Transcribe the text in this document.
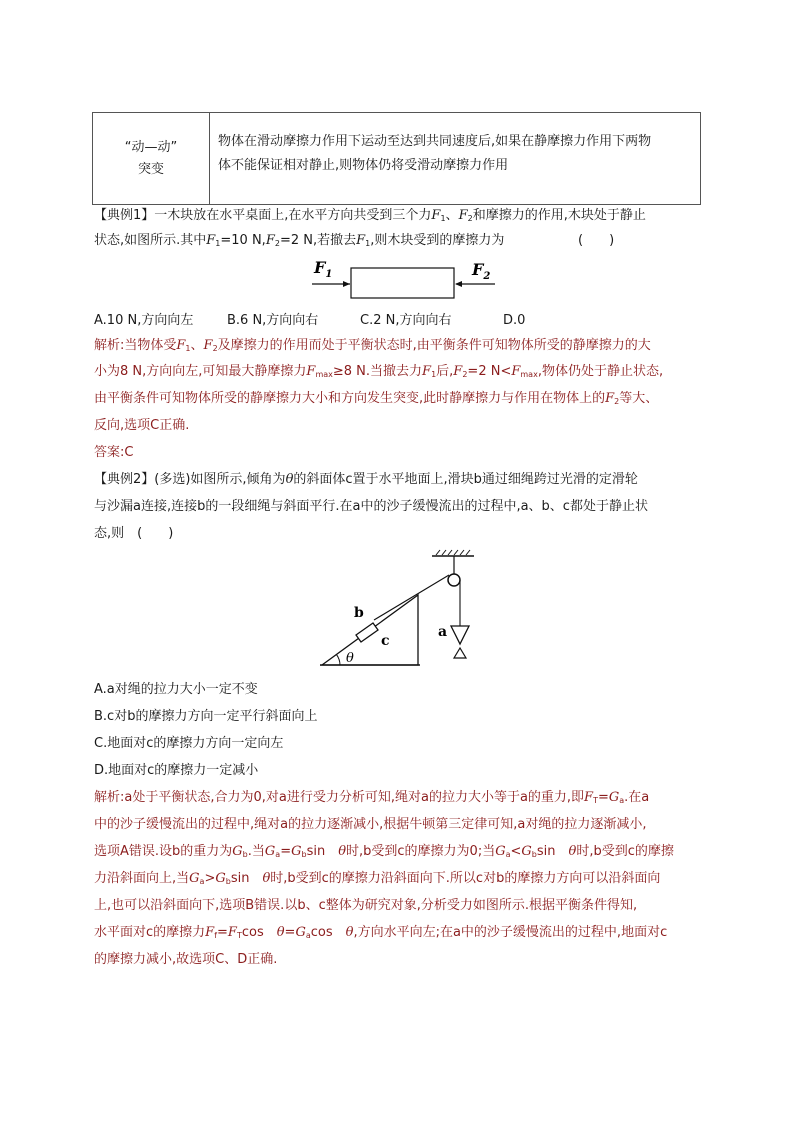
“动—动”
突变
物体在滑动摩擦力作用下运动至达到共同速度后,如果在静摩擦力作用下两物
体不能保证相对静止,则物体仍将受滑动摩擦力作用
【典例1】一木块放在水平桌面上,在水平方向共受到三个力$F_1$、$F_2$和摩擦力的作用,木块处于静止
状态,如图所示.其中$F_1=10$ $N,F_2=2$ N,若撤去$F_1$,则木块受到的摩擦力为	(　　)
$F_1$	$F_2$
A.10 N,方向向左	B.6 N,方向向右	C.2 N,方向向右	D.0
解析:当物体受$F_1$、$F_2$及摩擦力的作用而处于平衡状态时,由平衡条件可知物体所受的静摩擦力的大
小为8 N,方向向左,可知最大静摩擦力$F_{max}\ge 8$ N.当撤去力$F_1$后$,F_2=2$ $N<F_{max}$,物体仍处于静止状态,
由平衡条件可知物体所受的静摩擦力大小和方向发生突变,此时静摩擦力与作用在物体上的$F_2$等大、
反向,选项C正确.
答案:C
【典例2】(多选)如图所示,倾角为θ的斜面体c置于水平地面上,滑块b通过细绳跨过光滑的定滑轮
与沙漏a连接,连接b的一段细绳与斜面平行.在a中的沙子缓慢流出的过程中,a、b、c都处于静止状
态,则　(　　)
b
c
a
θ
A.a对绳的拉力大小一定不变
B.c对b的摩擦力方向一定平行斜面向上
C.地面对c的摩擦力方向一定向左
D.地面对c的摩擦力一定减小
解析:a处于平衡状态,合力为0,对a进行受力分析可知,绳对a的拉力大小等于a的重力,即$F_T=G_a$.在a
中的沙子缓慢流出的过程中,绳对a的拉力逐渐减小,根据牛顿第三定律可知,a对绳的拉力逐渐减小,
选项A错误.设b的重力为$G_b$.当$G_a=G_b\sin$　θ时,b受到c的摩擦力为0;当$G_a<G_b\sin$　θ时,b受到c的摩擦
力沿斜面向上,当$G_a>G_b\sin$　θ时,b受到c的摩擦力沿斜面向下.所以c对b的摩擦力方向可以沿斜面向
上,也可以沿斜面向下,选项B错误.以b、c整体为研究对象,分析受力如图所示.根据平衡条件得知,
水平面对c的摩擦力$F_f=F_T\cos$　$\theta=G_a\cos$　θ,方向水平向左;在a中的沙子缓慢流出的过程中,地面对c
的摩擦力减小,故选项C、D正确.
